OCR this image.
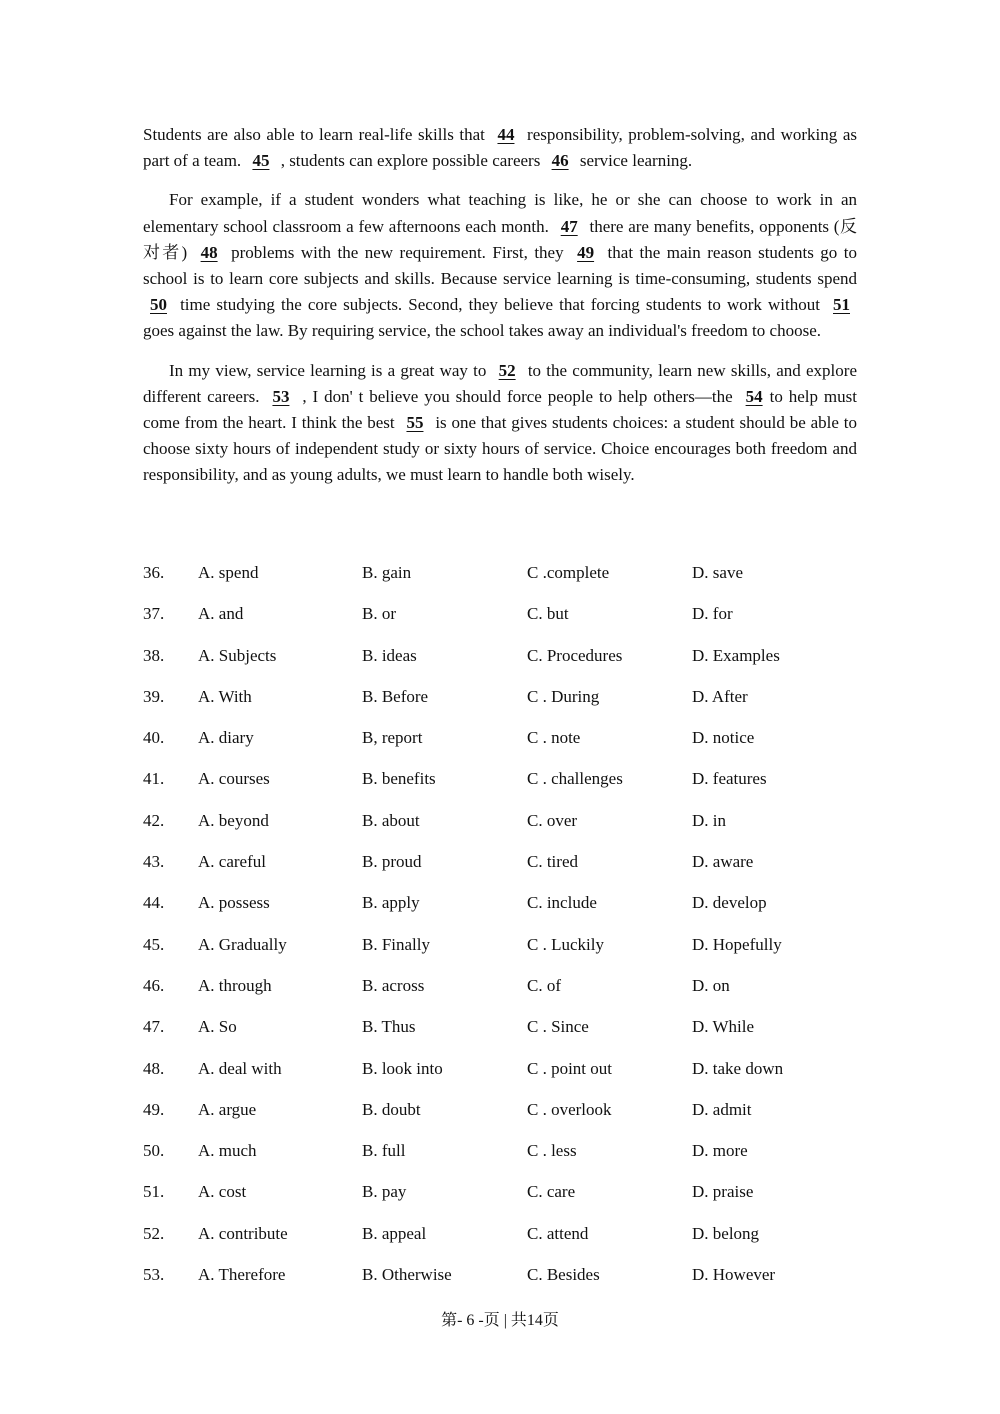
Students are also able to learn real-life skills that 44 responsibility, problem-solving, and working as part of a team. 45 , students can explore possible careers 46 service learning.

For example, if a student wonders what teaching is like, he or she can choose to work in an elementary school classroom a few afternoons each month. 47 there are many benefits, opponents (反对者) 48 problems with the new requirement. First, they 49 that the main reason students go to school is to learn core subjects and skills. Because service learning is time-consuming, students spend 50 time studying the core subjects. Second, they believe that forcing students to work without 51 goes against the law. By requiring service, the school takes away an individual's freedom to choose.

In my view, service learning is a great way to 52 to the community, learn new skills, and explore different careers. 53 , I don' t believe you should force people to help others—the 54 to help must come from the heart. I think the best 55 is one that gives students choices: a student should be able to choose sixty hours of independent study or sixty hours of service. Choice encourages both freedom and responsibility, and as young adults, we must learn to handle both wisely.

36. A. spend	B. gain	C .complete	D. save
37. A. and	B. or	C. but	D. for
38. A. Subjects	B. ideas	C. Procedures	D. Examples
39. A. With	B. Before	C . During	D. After
40. A. diary	B, report	C . note	D. notice
41. A. courses	B. benefits	C . challenges	D. features
42. A. beyond	B. about	C. over	D. in
43. A. careful	B. proud	C. tired	D. aware
44. A. possess	B. apply	C. include	D. develop
45. A. Gradually	B. Finally	C . Luckily	D. Hopefully
46. A. through	B. across	C. of	D. on
47. A. So	B. Thus	C . Since	D. While
48. A. deal with	B. look into	C . point out	D. take down
49. A. argue	B. doubt	C . overlook	D. admit
50. A. much	B. full	C . less	D. more
51. A. cost	B. pay	C. care	D. praise
52. A. contribute	B. appeal	C. attend	D. belong
53. A. Therefore	B. Otherwise	C. Besides	D. However
第- 6 -页 | 共14页
